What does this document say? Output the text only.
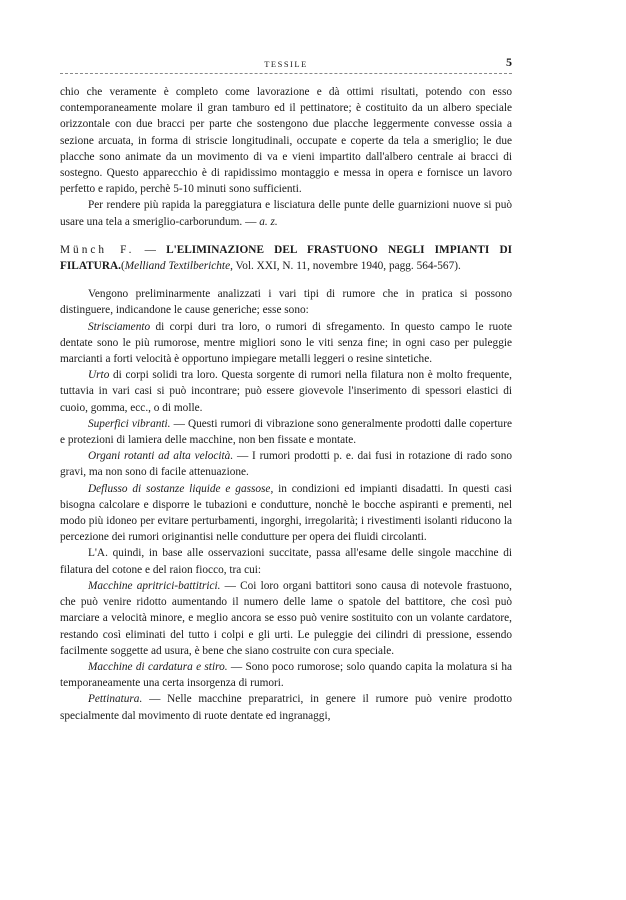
TESSILE	5

chio che veramente è completo come lavorazione e dà ottimi risultati, potendo con esso contemporaneamente molare il gran tamburo ed il pettinatore; è costituito da un albero speciale orizzontale con due bracci per parte che sostengono due placche leggermente convesse ossia a sezione arcuata, in forma di striscie longitudinali, occupate e coperte da tela a smeriglio; le due placche sono animate da un movimento di va e vieni impartito dall'albero centrale ai bracci di sostegno. Questo apparecchio è di rapidissimo montaggio e messa in opera e fornisce un lavoro perfetto e rapido, perchè 5-10 minuti sono sufficienti.

Per rendere più rapida la pareggiatura e lisciatura delle punte delle guarnizioni nuove si può usare una tela a smeriglio-carborundum. — a. z.

Münch F. — L'ELIMINAZIONE DEL FRASTUONO NEGLI IMPIANTI DI FILATURA.(Melliand Textilberichte, Vol. XXI, N. 11, novembre 1940, pagg. 564-567).

Vengono preliminarmente analizzati i vari tipi di rumore che in pratica si possono distinguere, indicandone le cause generiche; esse sono:

Strisciamento di corpi duri tra loro, o rumori di sfregamento. In questo campo le ruote dentate sono le più rumorose, mentre migliori sono le viti senza fine; in ogni caso per puleggie marcianti a forti velocità è opportuno impiegare metalli leggeri o resine sintetiche.

Urto di corpi solidi tra loro. Questa sorgente di rumori nella filatura non è molto frequente, tuttavia in vari casi si può incontrare; può essere giovevole l'inserimento di spessori elastici di cuoio, gomma, ecc., o di molle.

Superfici vibranti. — Questi rumori di vibrazione sono generalmente prodotti dalle coperture e protezioni di lamiera delle macchine, non ben fissate e montate.

Organi rotanti ad alta velocità. — I rumori prodotti p. e. dai fusi in rotazione di rado sono gravi, ma non sono di facile attenuazione.

Deflusso di sostanze liquide e gassose, in condizioni ed impianti disadatti. In questi casi bisogna calcolare e disporre le tubazioni e condutture, nonchè le bocche aspiranti e prementi, nel modo più idoneo per evitare perturbamenti, ingorghi, irregolarità; i rivestimenti isolanti riducono la percezione dei rumori originantisi nelle condutture per opera dei fluidi circolanti.

L'A. quindi, in base alle osservazioni succitate, passa all'esame delle singole macchine di filatura del cotone e del raion fiocco, tra cui:

Macchine apritrici-battitrici. — Coi loro organi battitori sono causa di notevole frastuono, che può venire ridotto aumentando il numero delle lame o spatole del battitore, che così può marciare a velocità minore, e meglio ancora se esso può venire sostituito con un volante cardatore, restando così eliminati del tutto i colpi e gli urti. Le puleggie dei cilindri di pressione, essendo facilmente soggette ad usura, è bene che siano costruite con cura speciale.

Macchine di cardatura e stiro. — Sono poco rumorose; solo quando capita la molatura si ha temporaneamente una certa insorgenza di rumori.

Pettinatura. — Nelle macchine preparatrici, in genere il rumore può venire prodotto specialmente dal movimento di ruote dentate ed ingranaggi,
